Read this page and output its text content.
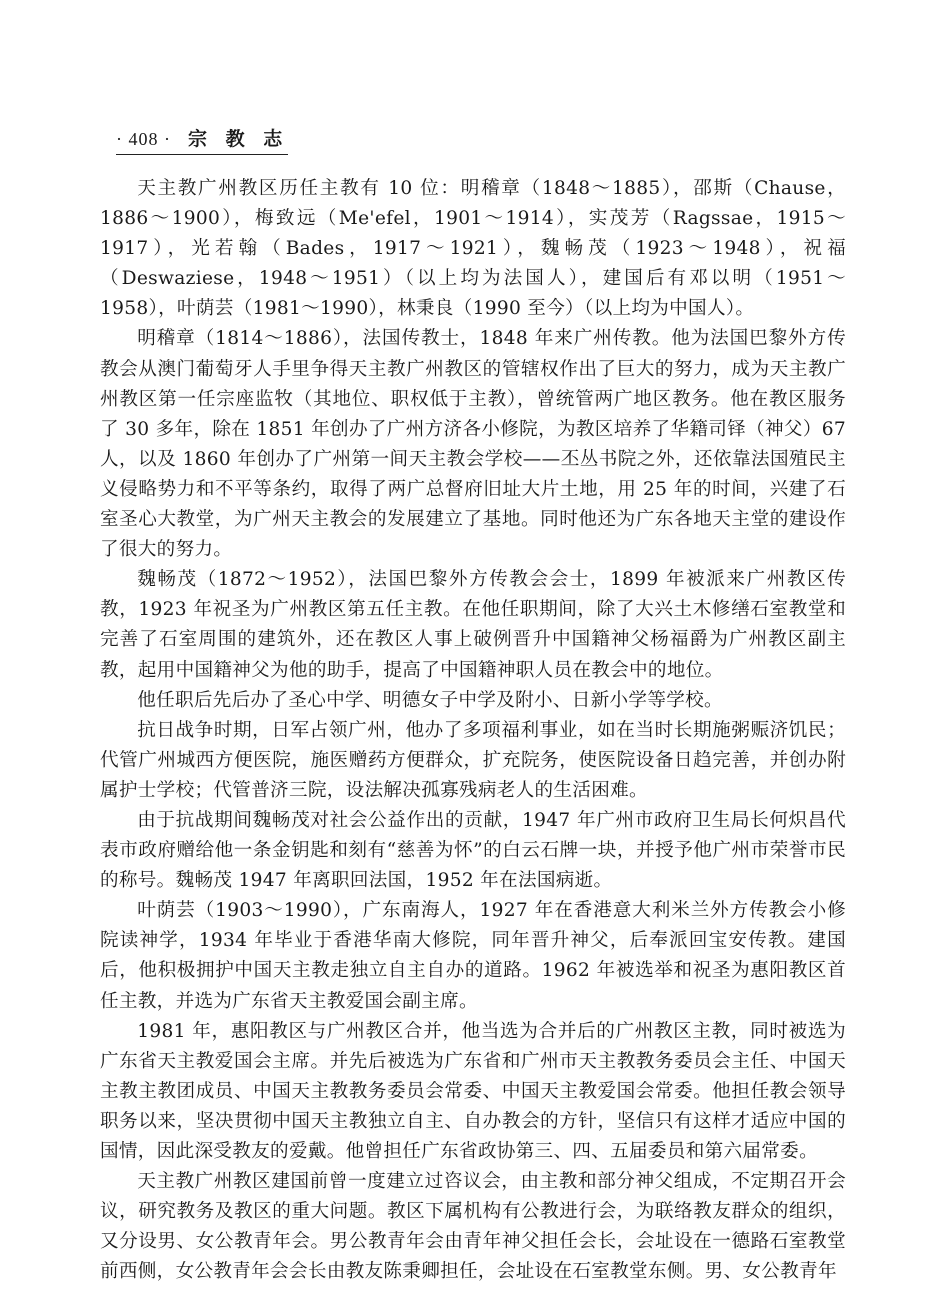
· 408 · 宗 教 志

天主教广州教区历任主教有 10 位：明稽章（1848～1885），邵斯（Chause，1886～1900），梅致远（Me'efel，1901～1914），实茂芳（Ragssae，1915～1917），光若翰（Bades，1917～1921），魏畅茂（1923～1948），祝福（Deswaziese，1948～1951）（以上均为法国人），建国后有邓以明（1951～1958），叶荫芸（1981～1990），林秉良（1990 至今）（以上均为中国人）。

明稽章（1814～1886），法国传教士，1848 年来广州传教。他为法国巴黎外方传教会从澳门葡萄牙人手里争得天主教广州教区的管辖权作出了巨大的努力，成为天主教广州教区第一任宗座监牧（其地位、职权低于主教），曾统管两广地区教务。他在教区服务了 30 多年，除在 1851 年创办了广州方济各小修院，为教区培养了华籍司铎（神父）67 人，以及 1860 年创办了广州第一间天主教会学校——丕丛书院之外，还依靠法国殖民主义侵略势力和不平等条约，取得了两广总督府旧址大片土地，用 25 年的时间，兴建了石室圣心大教堂，为广州天主教会的发展建立了基地。同时他还为广东各地天主堂的建设作了很大的努力。

魏畅茂（1872～1952），法国巴黎外方传教会会士，1899 年被派来广州教区传教，1923 年祝圣为广州教区第五任主教。在他任职期间，除了大兴土木修缮石室教堂和完善了石室周围的建筑外，还在教区人事上破例晋升中国籍神父杨福爵为广州教区副主教，起用中国籍神父为他的助手，提高了中国籍神职人员在教会中的地位。

他任职后先后办了圣心中学、明德女子中学及附小、日新小学等学校。

抗日战争时期，日军占领广州，他办了多项福利事业，如在当时长期施粥赈济饥民；代管广州城西方便医院，施医赠药方便群众，扩充院务，使医院设备日趋完善，并创办附属护士学校；代管普济三院，设法解决孤寡残病老人的生活困难。

由于抗战期间魏畅茂对社会公益作出的贡献，1947 年广州市政府卫生局长何炽昌代表市政府赠给他一条金钥匙和刻有“慈善为怀”的白云石牌一块，并授予他广州市荣誉市民的称号。魏畅茂 1947 年离职回法国，1952 年在法国病逝。

叶荫芸（1903～1990），广东南海人，1927 年在香港意大利米兰外方传教会小修院读神学，1934 年毕业于香港华南大修院，同年晋升神父，后奉派回宝安传教。建国后，他积极拥护中国天主教走独立自主自办的道路。1962 年被选举和祝圣为惠阳教区首任主教，并选为广东省天主教爱国会副主席。

1981 年，惠阳教区与广州教区合并，他当选为合并后的广州教区主教，同时被选为广东省天主教爱国会主席。并先后被选为广东省和广州市天主教教务委员会主任、中国天主教主教团成员、中国天主教教务委员会常委、中国天主教爱国会常委。他担任教会领导职务以来，坚决贯彻中国天主教独立自主、自办教会的方针，坚信只有这样才适应中国的国情，因此深受教友的爱戴。他曾担任广东省政协第三、四、五届委员和第六届常委。

天主教广州教区建国前曾一度建立过咨议会，由主教和部分神父组成，不定期召开会议，研究教务及教区的重大问题。教区下属机构有公教进行会，为联络教友群众的组织，又分设男、女公教青年会。男公教青年会由青年神父担任会长，会址设在一德路石室教堂前西侧，女公教青年会会长由教友陈秉卿担任，会址设在石室教堂东侧。男、女公教青年
